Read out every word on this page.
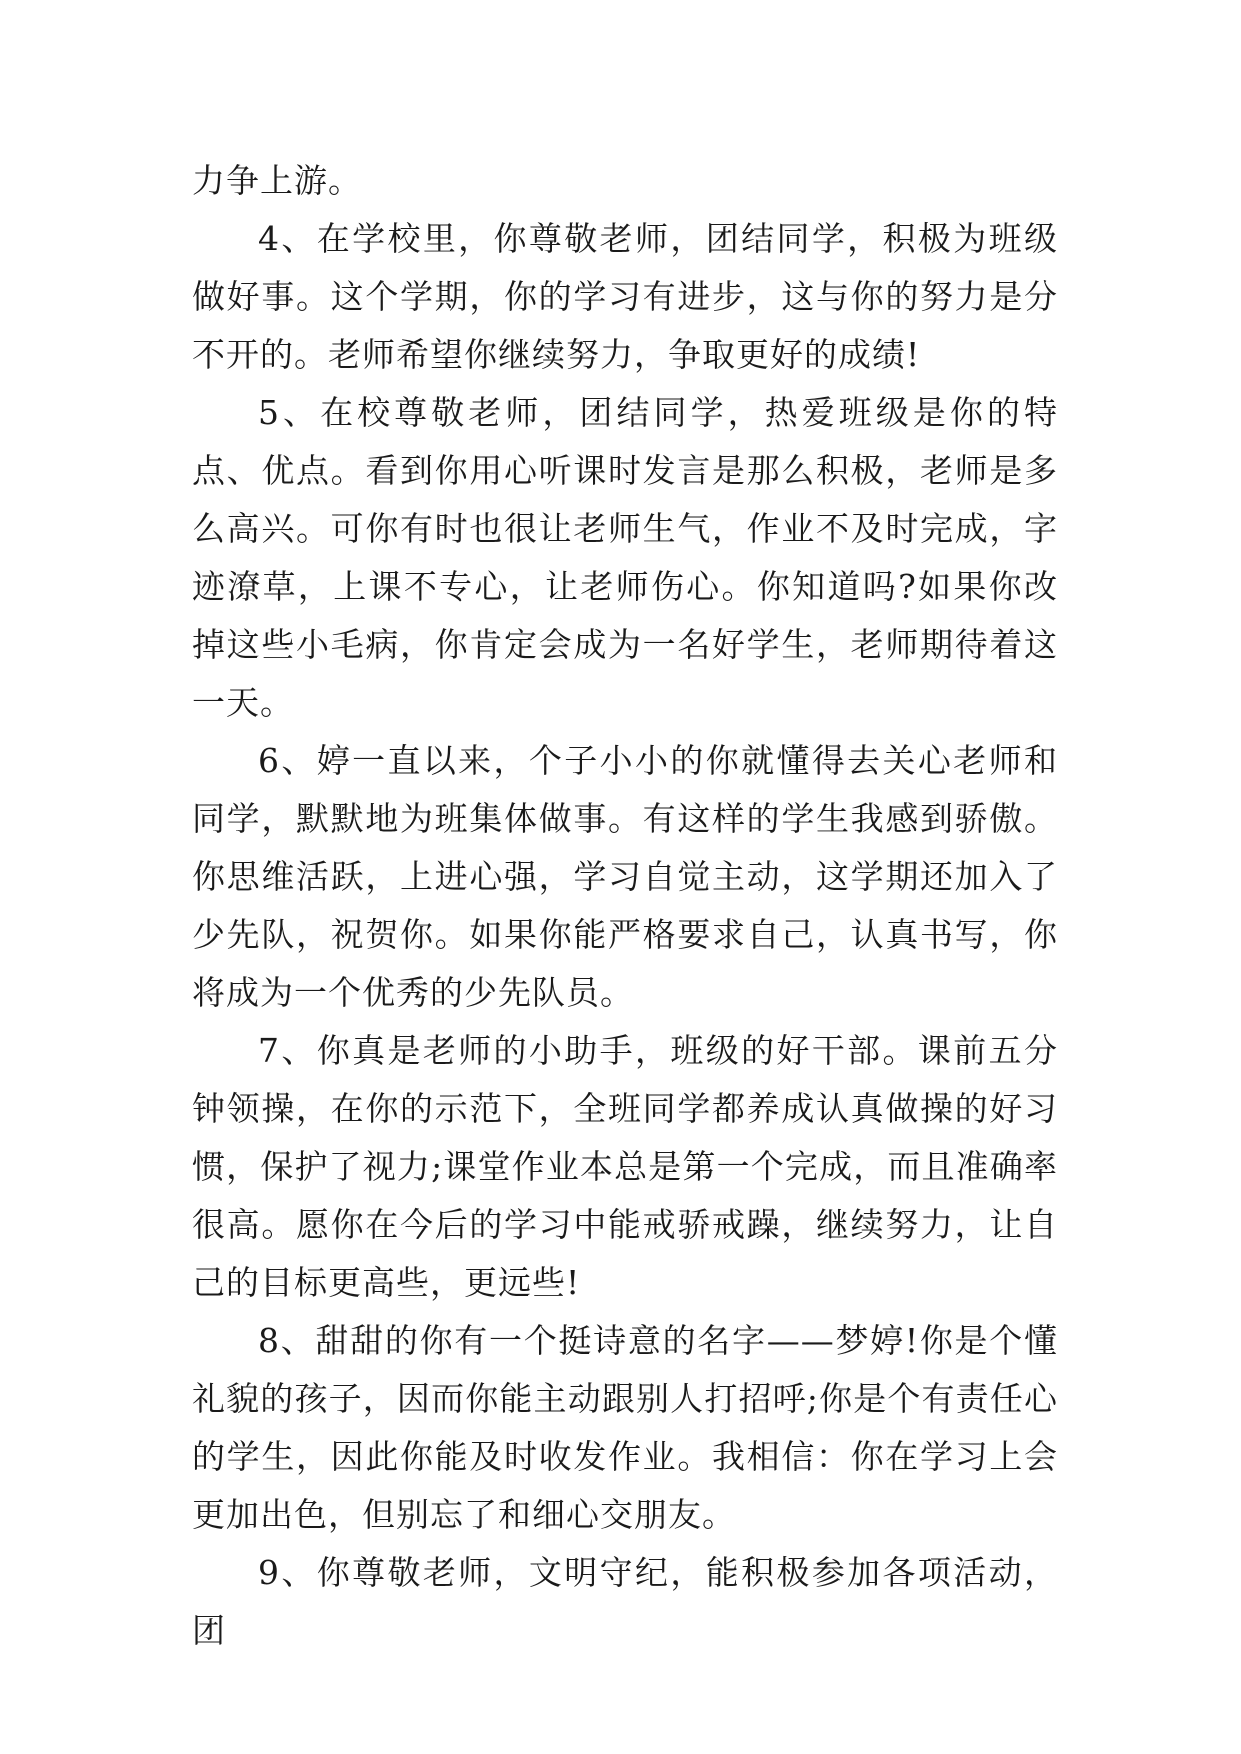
力争上游。

4、在学校里，你尊敬老师，团结同学，积极为班级做好事。这个学期，你的学习有进步，这与你的努力是分不开的。老师希望你继续努力，争取更好的成绩!

5、在校尊敬老师，团结同学，热爱班级是你的特点、优点。看到你用心听课时发言是那么积极，老师是多么高兴。可你有时也很让老师生气，作业不及时完成，字迹潦草，上课不专心，让老师伤心。你知道吗?如果你改掉这些小毛病，你肯定会成为一名好学生，老师期待着这一天。

6、婷一直以来，个子小小的你就懂得去关心老师和同学，默默地为班集体做事。有这样的学生我感到骄傲。你思维活跃，上进心强，学习自觉主动，这学期还加入了少先队，祝贺你。如果你能严格要求自己，认真书写，你将成为一个优秀的少先队员。

7、你真是老师的小助手，班级的好干部。课前五分钟领操，在你的示范下，全班同学都养成认真做操的好习惯，保护了视力;课堂作业本总是第一个完成，而且准确率很高。愿你在今后的学习中能戒骄戒躁，继续努力，让自己的目标更高些，更远些!

8、甜甜的你有一个挺诗意的名字——梦婷!你是个懂礼貌的孩子，因而你能主动跟别人打招呼;你是个有责任心的学生，因此你能及时收发作业。我相信：你在学习上会更加出色，但别忘了和细心交朋友。

9、你尊敬老师，文明守纪，能积极参加各项活动，团
